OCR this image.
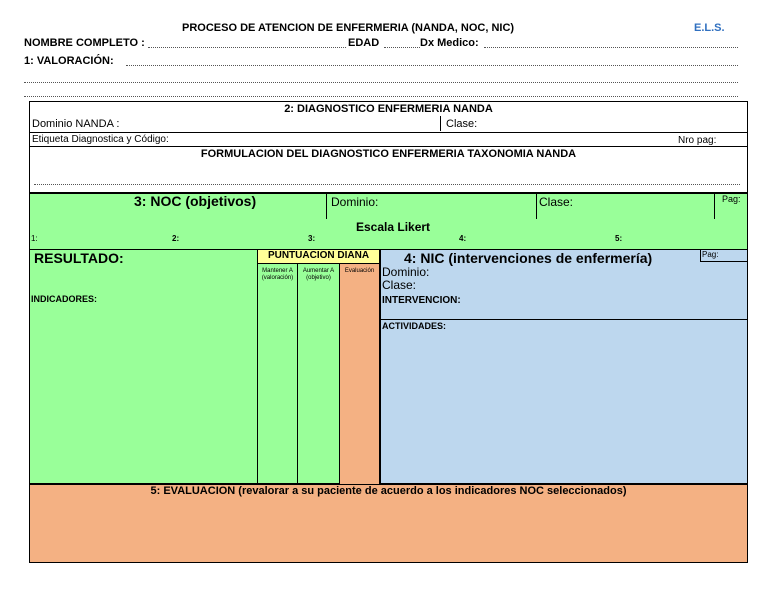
PROCESO DE ATENCION DE ENFERMERIA (NANDA, NOC, NIC)	E.L.S.
NOMBRE COMPLETO :	EDAD	Dx Medico:
1: VALORACIÓN:
2: DIAGNOSTICO ENFERMERIA NANDA
Dominio NANDA :	Clase:
Etiqueta Diagnostica y Código:	Nro pag:
FORMULACION DEL DIAGNOSTICO ENFERMERIA TAXONOMIA NANDA
3: NOC (objetivos)	Dominio:	Clase:	Pag:
Escala Likert
1:	2:	3:	4:	5:
RESULTADO:
INDICADORES:
PUNTUACION DIANA
Mantener A (valoración)
Aumentar A (objetivo)
Evaluación
4: NIC (intervenciones de enfermería)	Pag:
Dominio:
Clase:
INTERVENCION:
ACTIVIDADES:
5: EVALUACION (revalorar a su paciente de acuerdo a los indicadores NOC seleccionados)
